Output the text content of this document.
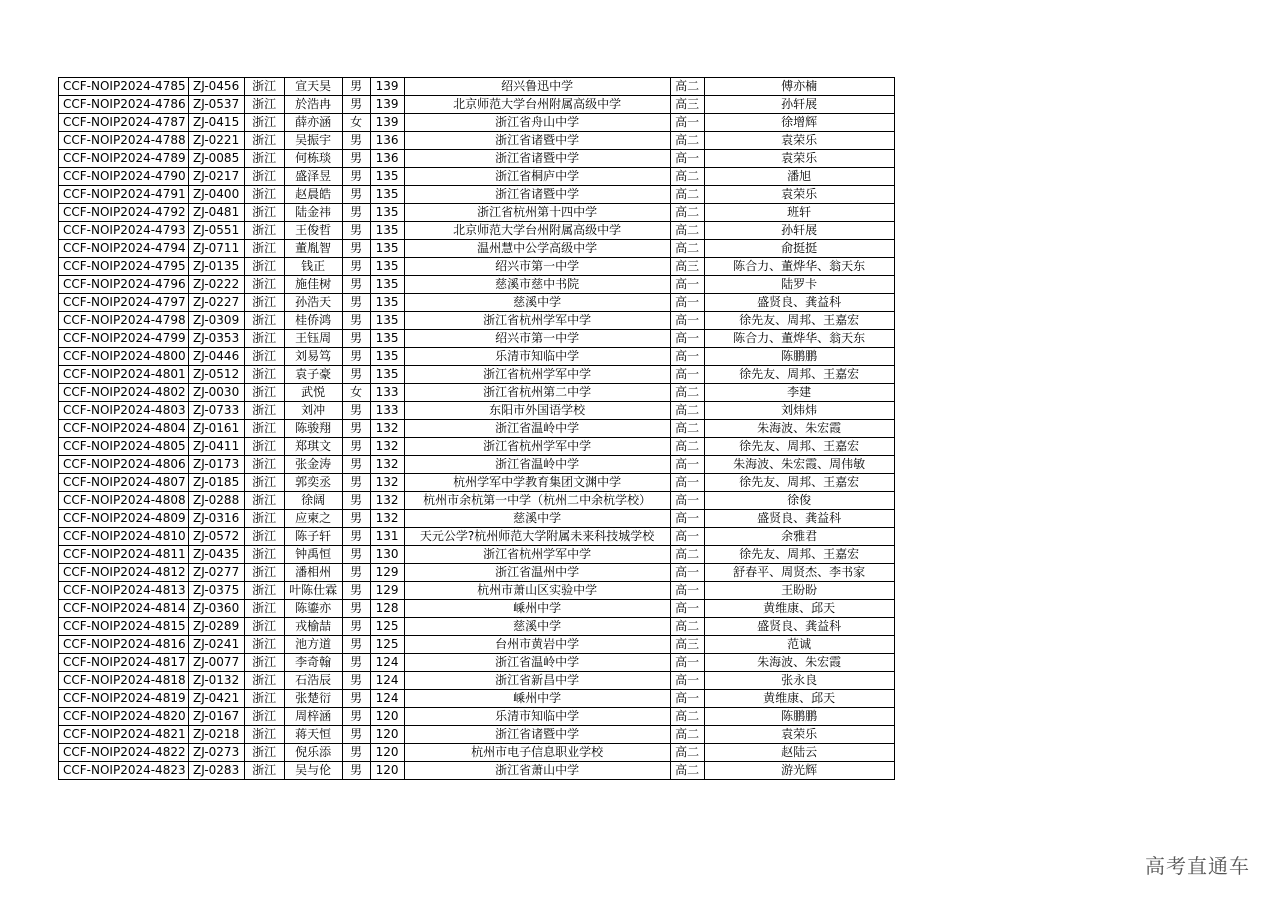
CCF-NOIP2024-4785	ZJ-0456	浙江	宣天昊	男	139	绍兴鲁迅中学	高二	傅亦楠
CCF-NOIP2024-4786	ZJ-0537	浙江	於浩冉	男	139	北京师范大学台州附属高级中学	高三	孙轩展
CCF-NOIP2024-4787	ZJ-0415	浙江	薛亦涵	女	139	浙江省舟山中学	高一	徐增辉
CCF-NOIP2024-4788	ZJ-0221	浙江	吴振宇	男	136	浙江省诸暨中学	高二	袁荣乐
CCF-NOIP2024-4789	ZJ-0085	浙江	何栋琰	男	136	浙江省诸暨中学	高一	袁荣乐
CCF-NOIP2024-4790	ZJ-0217	浙江	盛泽昱	男	135	浙江省桐庐中学	高二	潘旭
CCF-NOIP2024-4791	ZJ-0400	浙江	赵晨皓	男	135	浙江省诸暨中学	高二	袁荣乐
CCF-NOIP2024-4792	ZJ-0481	浙江	陆金祎	男	135	浙江省杭州第十四中学	高二	班轩
CCF-NOIP2024-4793	ZJ-0551	浙江	王俊哲	男	135	北京师范大学台州附属高级中学	高二	孙轩展
CCF-NOIP2024-4794	ZJ-0711	浙江	董胤智	男	135	温州慧中公学高级中学	高二	俞挺挺
CCF-NOIP2024-4795	ZJ-0135	浙江	钱正	男	135	绍兴市第一中学	高三	陈合力、董烨华、翁天东
CCF-NOIP2024-4796	ZJ-0222	浙江	施佳树	男	135	慈溪市慈中书院	高一	陆罗卡
CCF-NOIP2024-4797	ZJ-0227	浙江	孙浩天	男	135	慈溪中学	高一	盛贤良、龚益科
CCF-NOIP2024-4798	ZJ-0309	浙江	桂侨鸿	男	135	浙江省杭州学军中学	高一	徐先友、周邦、王嘉宏
CCF-NOIP2024-4799	ZJ-0353	浙江	王钰周	男	135	绍兴市第一中学	高一	陈合力、董烨华、翁天东
CCF-NOIP2024-4800	ZJ-0446	浙江	刘易笃	男	135	乐清市知临中学	高一	陈鹏鹏
CCF-NOIP2024-4801	ZJ-0512	浙江	袁子豪	男	135	浙江省杭州学军中学	高一	徐先友、周邦、王嘉宏
CCF-NOIP2024-4802	ZJ-0030	浙江	武悦	女	133	浙江省杭州第二中学	高二	李建
CCF-NOIP2024-4803	ZJ-0733	浙江	刘冲	男	133	东阳市外国语学校	高二	刘炜炜
CCF-NOIP2024-4804	ZJ-0161	浙江	陈骏翔	男	132	浙江省温岭中学	高二	朱海波、朱宏霞
CCF-NOIP2024-4805	ZJ-0411	浙江	郑琪文	男	132	浙江省杭州学军中学	高二	徐先友、周邦、王嘉宏
CCF-NOIP2024-4806	ZJ-0173	浙江	张金涛	男	132	浙江省温岭中学	高一	朱海波、朱宏霞、周伟敏
CCF-NOIP2024-4807	ZJ-0185	浙江	郭奕丞	男	132	杭州学军中学教育集团文渊中学	高一	徐先友、周邦、王嘉宏
CCF-NOIP2024-4808	ZJ-0288	浙江	徐阔	男	132	杭州市余杭第一中学（杭州二中余杭学校）	高一	徐俊
CCF-NOIP2024-4809	ZJ-0316	浙江	应柬之	男	132	慈溪中学	高一	盛贤良、龚益科
CCF-NOIP2024-4810	ZJ-0572	浙江	陈子轩	男	131	天元公学?杭州师范大学附属未来科技城学校	高一	余雅君
CCF-NOIP2024-4811	ZJ-0435	浙江	钟禹恒	男	130	浙江省杭州学军中学	高二	徐先友、周邦、王嘉宏
CCF-NOIP2024-4812	ZJ-0277	浙江	潘相州	男	129	浙江省温州中学	高一	舒春平、周贤杰、李书家
CCF-NOIP2024-4813	ZJ-0375	浙江	叶陈仕霖	男	129	杭州市萧山区实验中学	高一	王盼盼
CCF-NOIP2024-4814	ZJ-0360	浙江	陈鎏亦	男	128	嵊州中学	高一	黄维康、邱天
CCF-NOIP2024-4815	ZJ-0289	浙江	戎榆喆	男	125	慈溪中学	高二	盛贤良、龚益科
CCF-NOIP2024-4816	ZJ-0241	浙江	池方道	男	125	台州市黄岩中学	高三	范诚
CCF-NOIP2024-4817	ZJ-0077	浙江	李奇翰	男	124	浙江省温岭中学	高一	朱海波、朱宏霞
CCF-NOIP2024-4818	ZJ-0132	浙江	石浩辰	男	124	浙江省新昌中学	高一	张永良
CCF-NOIP2024-4819	ZJ-0421	浙江	张楚衍	男	124	嵊州中学	高一	黄维康、邱天
CCF-NOIP2024-4820	ZJ-0167	浙江	周梓涵	男	120	乐清市知临中学	高二	陈鹏鹏
CCF-NOIP2024-4821	ZJ-0218	浙江	蒋天恒	男	120	浙江省诸暨中学	高二	袁荣乐
CCF-NOIP2024-4822	ZJ-0273	浙江	倪乐添	男	120	杭州市电子信息职业学校	高二	赵陆云
CCF-NOIP2024-4823	ZJ-0283	浙江	吴与伦	男	120	浙江省萧山中学	高二	游光辉
高考直通车
